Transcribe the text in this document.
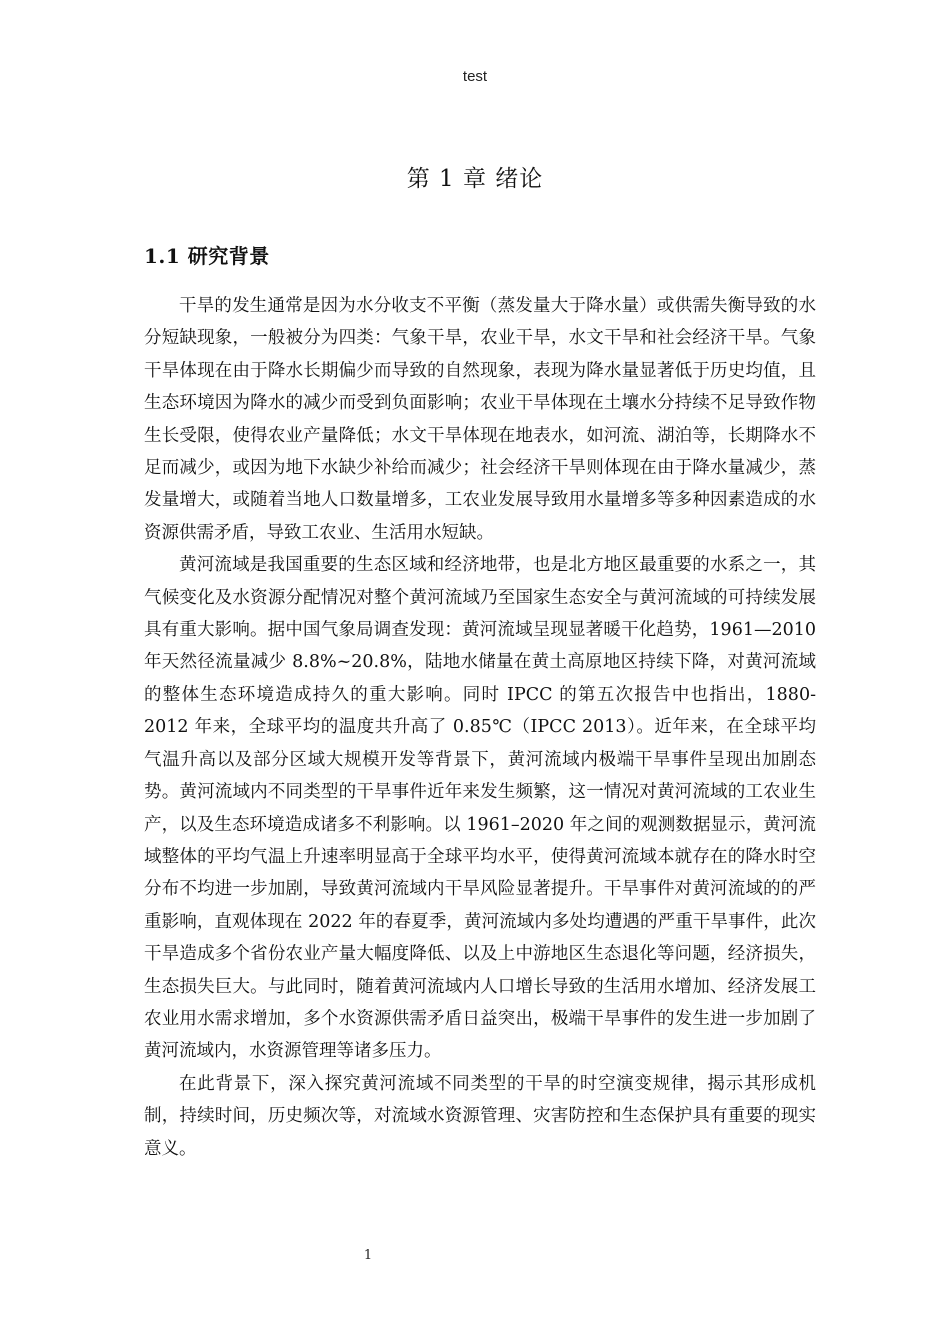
test
第 1 章 绪论
1.1 研究背景

干旱的发生通常是因为水分收支不平衡（蒸发量大于降水量）或供需失衡导致的水分短缺现象，一般被分为四类：气象干旱，农业干旱，水文干旱和社会经济干旱。气象干旱体现在由于降水长期偏少而导致的自然现象，表现为降水量显著低于历史均值，且生态环境因为降水的减少而受到负面影响；农业干旱体现在土壤水分持续不足导致作物生长受限，使得农业产量降低；水文干旱体现在地表水，如河流、湖泊等，长期降水不足而减少，或因为地下水缺少补给而减少；社会经济干旱则体现在由于降水量减少，蒸发量增大，或随着当地人口数量增多，工农业发展导致用水量增多等多种因素造成的水资源供需矛盾，导致工农业、生活用水短缺。

黄河流域是我国重要的生态区域和经济地带，也是北方地区最重要的水系之一，其气候变化及水资源分配情况对整个黄河流域乃至国家生态安全与黄河流域的可持续发展具有重大影响。据中国气象局调查发现：黄河流域呈现显著暖干化趋势，1961—2010 年天然径流量减少 8.8%~20.8%，陆地水储量在黄土高原地区持续下降，对黄河流域的整体生态环境造成持久的重大影响。同时 IPCC 的第五次报告中也指出，1880-2012 年来，全球平均的温度共升高了 0.85℃（IPCC 2013）。近年来，在全球平均气温升高以及部分区域大规模开发等背景下，黄河流域内极端干旱事件呈现出加剧态势。黄河流域内不同类型的干旱事件近年来发生频繁，这一情况对黄河流域的工农业生产，以及生态环境造成诸多不利影响。以 1961–2020 年之间的观测数据显示，黄河流域整体的平均气温上升速率明显高于全球平均水平，使得黄河流域本就存在的降水时空分布不均进一步加剧，导致黄河流域内干旱风险显著提升。干旱事件对黄河流域的的严重影响，直观体现在 2022 年的春夏季，黄河流域内多处均遭遇的严重干旱事件，此次干旱造成多个省份农业产量大幅度降低、以及上中游地区生态退化等问题，经济损失，生态损失巨大。与此同时，随着黄河流域内人口增长导致的生活用水增加、经济发展工农业用水需求增加，多个水资源供需矛盾日益突出，极端干旱事件的发生进一步加剧了黄河流域内，水资源管理等诸多压力。

在此背景下，深入探究黄河流域不同类型的干旱的时空演变规律，揭示其形成机制，持续时间，历史频次等，对流域水资源管理、灾害防控和生态保护具有重要的现实意义。

1
